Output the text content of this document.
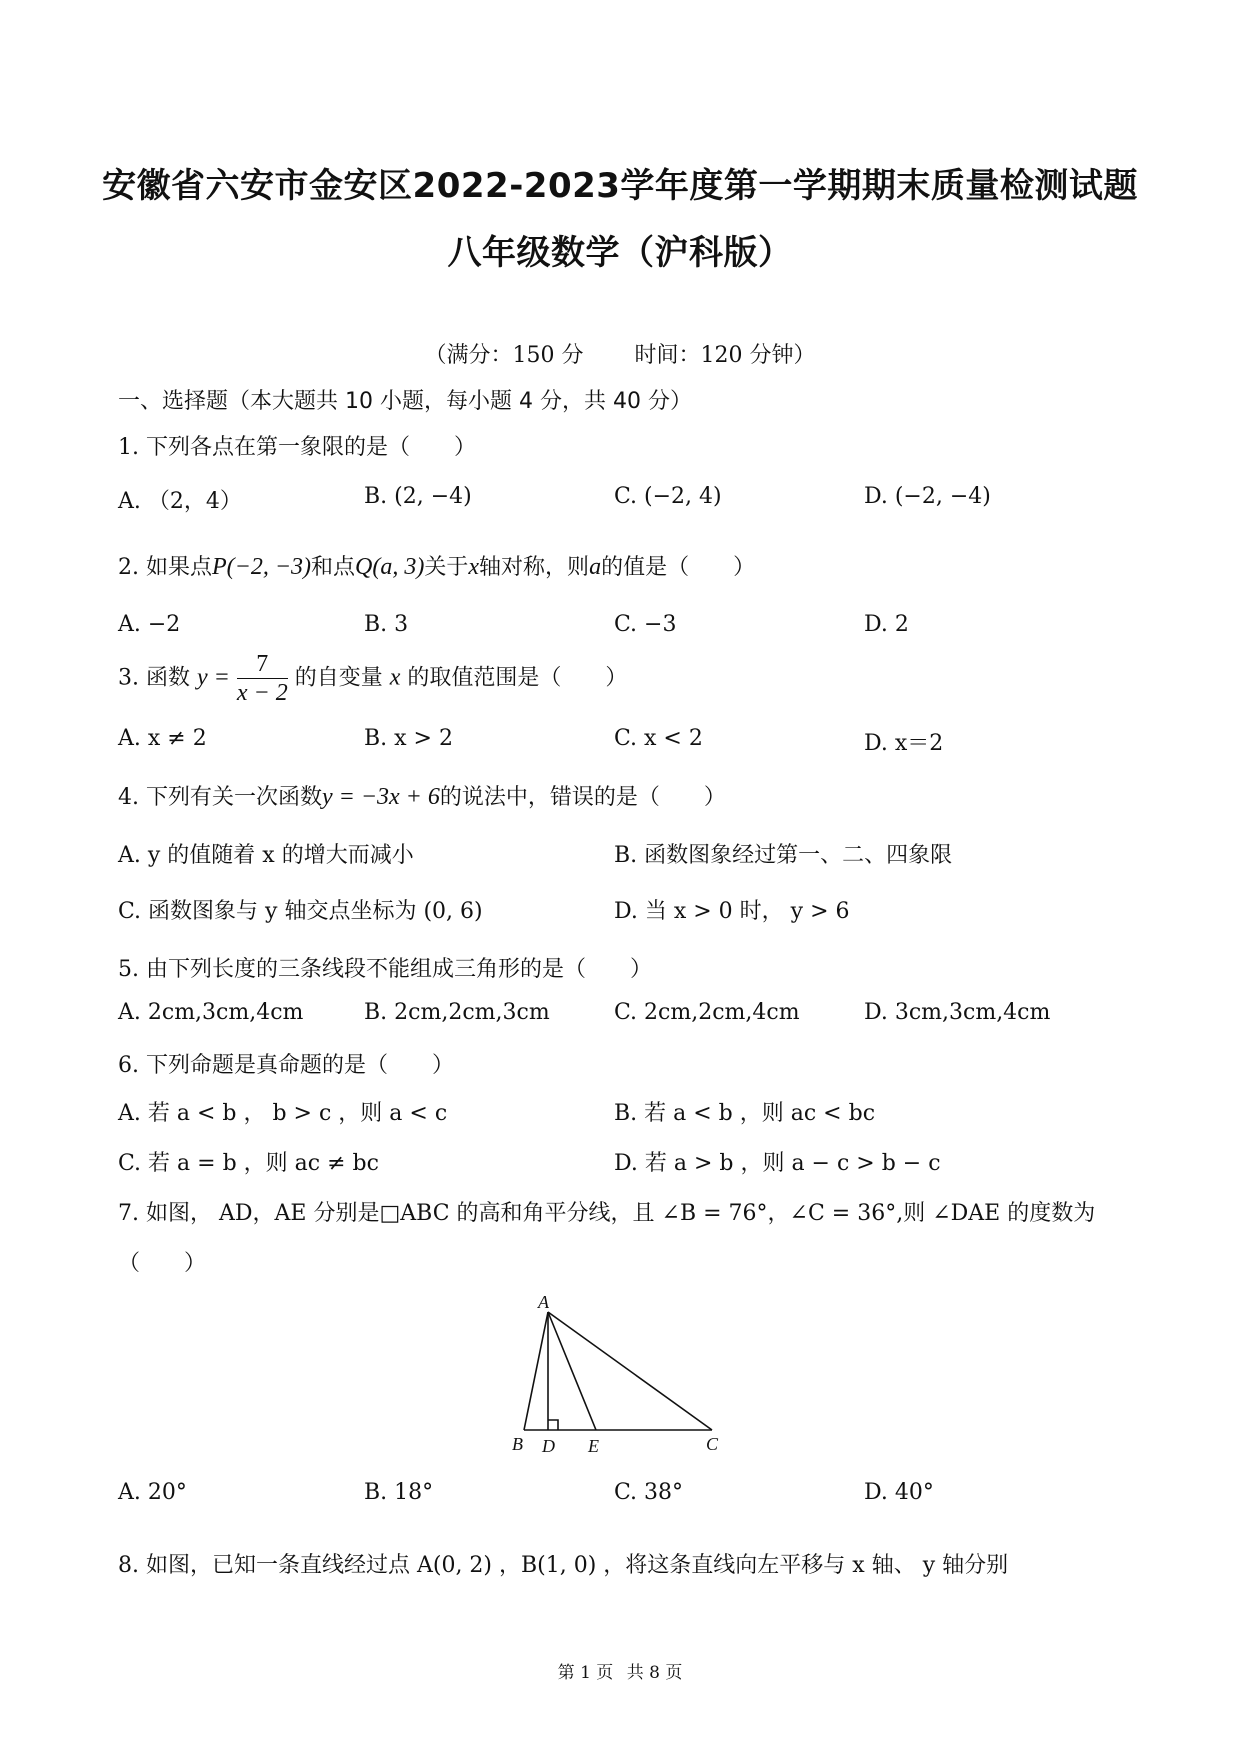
安徽省六安市金安区2022-2023学年度第一学期期末质量检测试题
八年级数学（沪科版）
（满分：150 分 时间：120 分钟）
一、选择题（本大题共 10 小题，每小题 4 分，共 40 分）
1. 下列各点在第一象限的是（　　）
A. （2，4）	B. (2, −4)	C. (−2, 4)	D. (−2, −4)
2. 如果点P(−2, −3)和点Q(a, 3)关于x轴对称，则a的值是（　　）
A. −2	B. 3	C. −3	D. 2
3. 函数 $y = \frac{7}{x - 2}$ 的自变量 x 的取值范围是（　　）
A. x ≠ 2	B. x > 2	C. x < 2	D. x＝2
4. 下列有关一次函数y = −3x + 6的说法中，错误的是（　　）
A. y 的值随着 x 的增大而减小	B. 函数图象经过第一、二、四象限
C. 函数图象与 y 轴交点坐标为 (0, 6)	D. 当 x > 0 时， y > 6
5. 由下列长度的三条线段不能组成三角形的是（　　）
A. 2cm,3cm,4cm	B. 2cm,2cm,3cm	C. 2cm,2cm,4cm	D. 3cm,3cm,4cm
6. 下列命题是真命题的是（　　）
A. 若 a < b ， b > c ，则 a < c	B. 若 a < b ，则 ac < bc
C. 若 a = b ，则 ac ≠ bc	D. 若 a > b ，则 a − c > b − c
7. 如图， AD，AE 分别是□ABC 的高和角平分线，且 ∠B = 76°，∠C = 36°,则 ∠DAE 的度数为
（　　）
A
B D E	C
A. 20°	B. 18°	C. 38°	D. 40°
8. 如图，已知一条直线经过点 A(0, 2) ，B(1, 0) ，将这条直线向左平移与 x 轴、 y 轴分别
第 1 页 共 8 页
